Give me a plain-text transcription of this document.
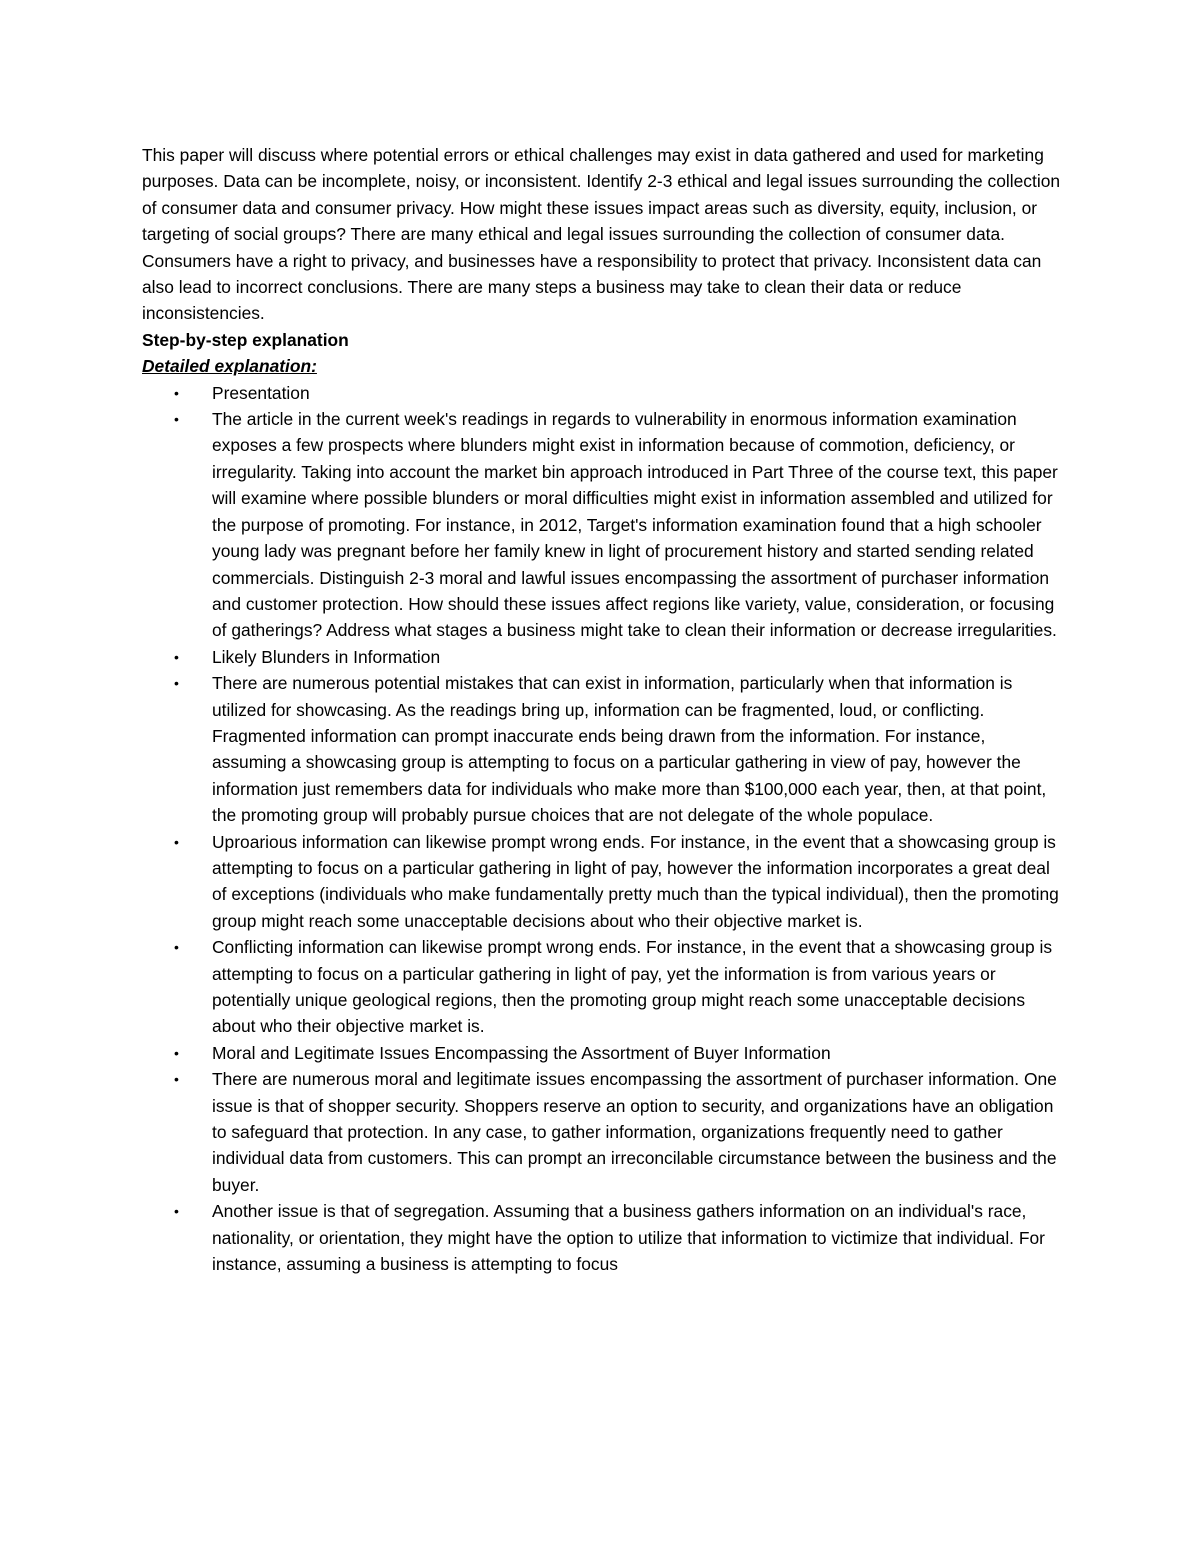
This paper will discuss where potential errors or ethical challenges may exist in data gathered and used for marketing purposes. Data can be incomplete, noisy, or inconsistent. Identify 2-3 ethical and legal issues surrounding the collection of consumer data and consumer privacy. How might these issues impact areas such as diversity, equity, inclusion, or targeting of social groups? There are many ethical and legal issues surrounding the collection of consumer data.

Consumers have a right to privacy, and businesses have a responsibility to protect that privacy. Inconsistent data can also lead to incorrect conclusions. There are many steps a business may take to clean their data or reduce inconsistencies.

Step-by-step explanation

Detailed explanation:

•	Presentation
•	The article in the current week's readings in regards to vulnerability in enormous information examination exposes a few prospects where blunders might exist in information because of commotion, deficiency, or irregularity. Taking into account the market bin approach introduced in Part Three of the course text, this paper will examine where possible blunders or moral difficulties might exist in information assembled and utilized for the purpose of promoting. For instance, in 2012, Target's information examination found that a high schooler young lady was pregnant before her family knew in light of procurement history and started sending related commercials. Distinguish 2-3 moral and lawful issues encompassing the assortment of purchaser information and customer protection. How should these issues affect regions like variety, value, consideration, or focusing of gatherings? Address what stages a business might take to clean their information or decrease irregularities.
•	Likely Blunders in Information
•	There are numerous potential mistakes that can exist in information, particularly when that information is utilized for showcasing. As the readings bring up, information can be fragmented, loud, or conflicting. Fragmented information can prompt inaccurate ends being drawn from the information. For instance, assuming a showcasing group is attempting to focus on a particular gathering in view of pay, however the information just remembers data for individuals who make more than $100,000 each year, then, at that point, the promoting group will probably pursue choices that are not delegate of the whole populace.
•	Uproarious information can likewise prompt wrong ends. For instance, in the event that a showcasing group is attempting to focus on a particular gathering in light of pay, however the information incorporates a great deal of exceptions (individuals who make fundamentally pretty much than the typical individual), then the promoting group might reach some unacceptable decisions about who their objective market is.
•	Conflicting information can likewise prompt wrong ends. For instance, in the event that a showcasing group is attempting to focus on a particular gathering in light of pay, yet the information is from various years or potentially unique geological regions, then the promoting group might reach some unacceptable decisions about who their objective market is.
•	Moral and Legitimate Issues Encompassing the Assortment of Buyer Information
•	There are numerous moral and legitimate issues encompassing the assortment of purchaser information. One issue is that of shopper security. Shoppers reserve an option to security, and organizations have an obligation to safeguard that protection. In any case, to gather information, organizations frequently need to gather individual data from customers. This can prompt an irreconcilable circumstance between the business and the buyer.
•	Another issue is that of segregation. Assuming that a business gathers information on an individual's race, nationality, or orientation, they might have the option to utilize that information to victimize that individual. For instance, assuming a business is attempting to focus
